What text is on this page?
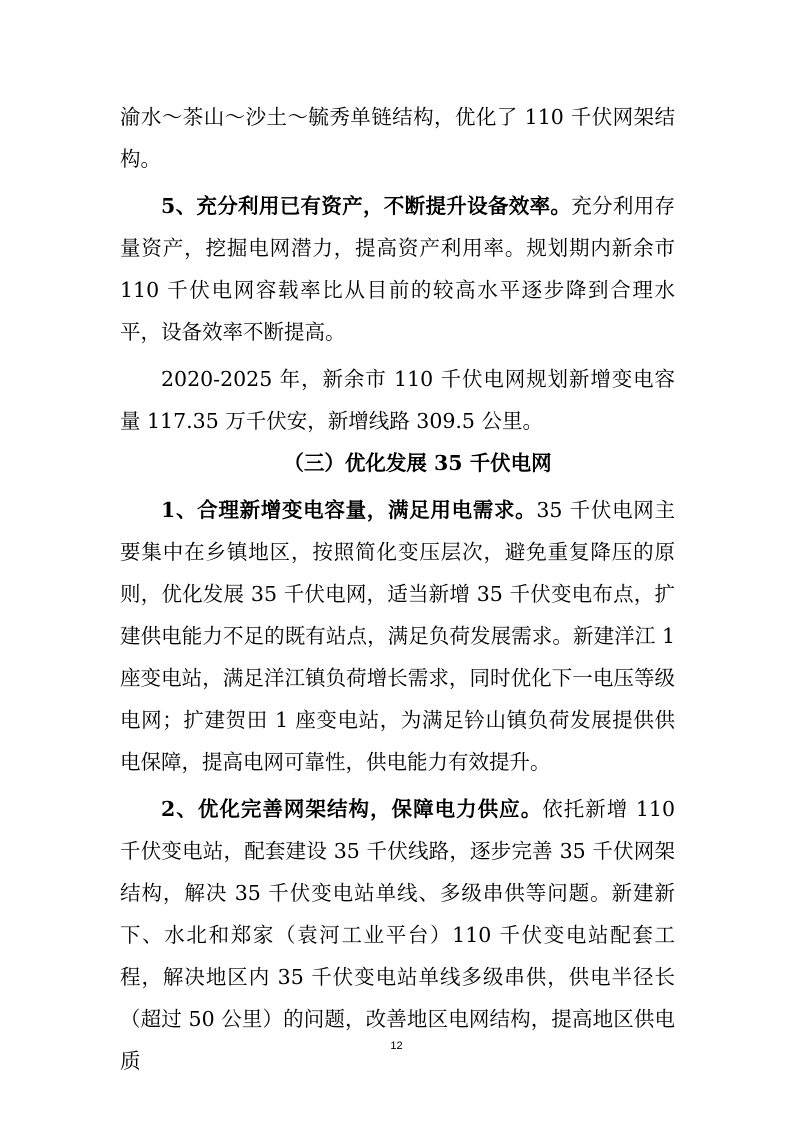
渝水～茶山～沙土～毓秀单链结构，优化了 110 千伏网架结构。

5、充分利用已有资产，不断提升设备效率。充分利用存量资产，挖掘电网潜力，提高资产利用率。规划期内新余市 110 千伏电网容载率比从目前的较高水平逐步降到合理水平，设备效率不断提高。

2020-2025 年，新余市 110 千伏电网规划新增变电容量 117.35 万千伏安，新增线路 309.5 公里。

（三）优化发展 35 千伏电网

1、合理新增变电容量，满足用电需求。35 千伏电网主要集中在乡镇地区，按照简化变压层次，避免重复降压的原则，优化发展 35 千伏电网，适当新增 35 千伏变电布点，扩建供电能力不足的既有站点，满足负荷发展需求。新建洋江 1 座变电站，满足洋江镇负荷增长需求，同时优化下一电压等级电网；扩建贺田 1 座变电站，为满足钤山镇负荷发展提供供电保障，提高电网可靠性，供电能力有效提升。

2、优化完善网架结构，保障电力供应。依托新增 110 千伏变电站，配套建设 35 千伏线路，逐步完善 35 千伏网架结构，解决 35 千伏变电站单线、多级串供等问题。新建新下、水北和郑家（袁河工业平台）110 千伏变电站配套工程，解决地区内 35 千伏变电站单线多级串供，供电半径长（超过 50 公里）的问题，改善地区电网结构，提高地区供电质

12
